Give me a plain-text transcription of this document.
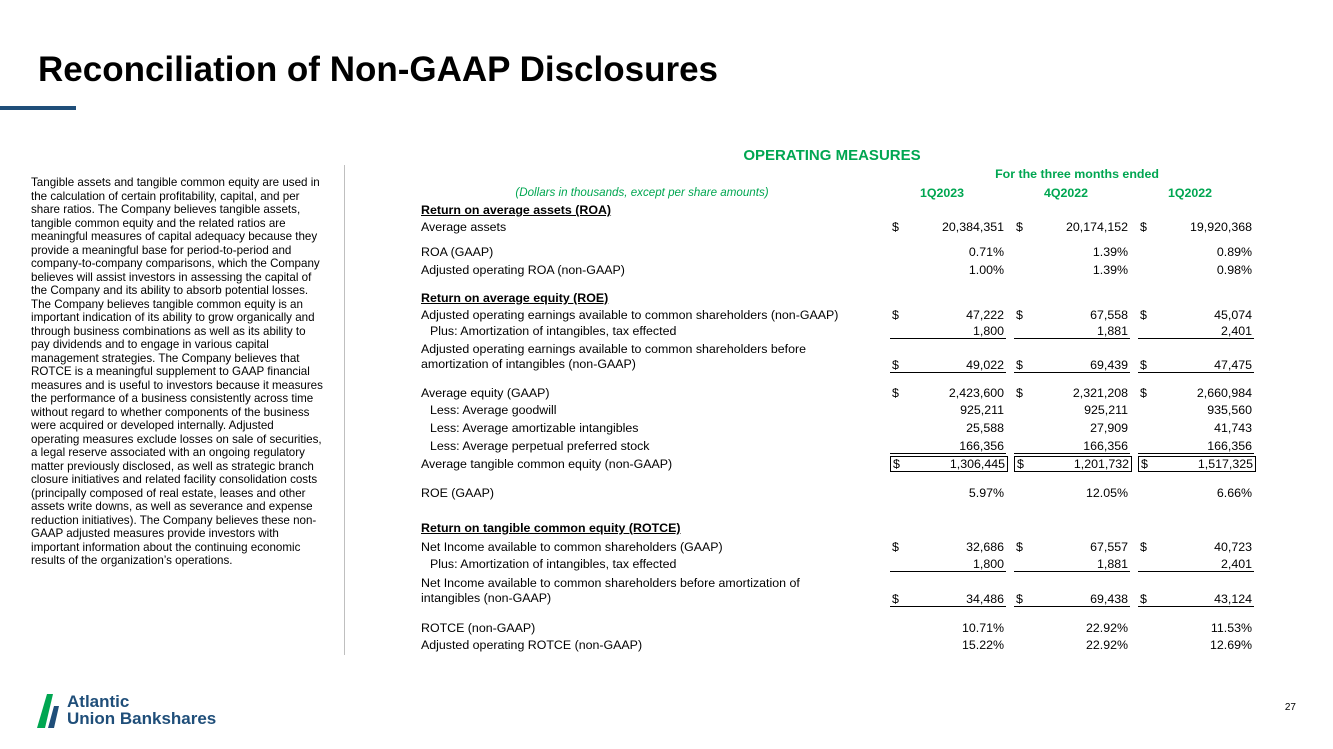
Reconciliation of Non-GAAP Disclosures
Tangible assets and tangible common equity are used in the calculation of certain profitability, capital, and per share ratios. The Company believes tangible assets, tangible common equity and the related ratios are meaningful measures of capital adequacy because they provide a meaningful base for period-to-period and company-to-company comparisons, which the Company believes will assist investors in assessing the capital of the Company and its ability to absorb potential losses. The Company believes tangible common equity is an important indication of its ability to grow organically and through business combinations as well as its ability to pay dividends and to engage in various capital management strategies. The Company believes that ROTCE is a meaningful supplement to GAAP financial measures and is useful to investors because it measures the performance of a business consistently across time without regard to whether components of the business were acquired or developed internally. Adjusted operating measures exclude losses on sale of securities, a legal reserve associated with an ongoing regulatory matter previously disclosed, as well as strategic branch closure initiatives and related facility consolidation costs (principally composed of real estate, leases and other assets write downs, as well as severance and expense reduction initiatives). The Company believes these non-GAAP adjusted measures provide investors with important information about the continuing economic results of the organization’s operations.
OPERATING MEASURES
For the three months ended
(Dollars in thousands, except per share amounts)	1Q2023	4Q2022	1Q2022
Return on average assets (ROA)
Average assets	$	20,384,351 $	20,174,152 $	19,920,368
ROA (GAAP)	0.71%	1.39%	0.89%
Adjusted operating ROA (non-GAAP)	1.00%	1.39%	0.98%
Return on average equity (ROE)
Adjusted operating earnings available to common shareholders (non-GAAP)	$	47,222 $	67,558 $	45,074
Plus: Amortization of intangibles, tax effected	1,800	1,881	2,401
Adjusted operating earnings available to common shareholders before
amortization of intangibles (non-GAAP)	$	49,022 $	69,439 $	47,475
Average equity (GAAP)	$	2,423,600 $	2,321,208 $	2,660,984
Less: Average goodwill	925,211	925,211	935,560
Less: Average amortizable intangibles	25,588	27,909	41,743
Less: Average perpetual preferred stock	166,356	166,356	166,356
Average tangible common equity (non-GAAP)	$	1,306,445 $	1,201,732 $	1,517,325
ROE (GAAP)	5.97%	12.05%	6.66%
Return on tangible common equity (ROTCE)
Net Income available to common shareholders (GAAP)	$	32,686 $	67,557 $	40,723
Plus: Amortization of intangibles, tax effected	1,800	1,881	2,401
Net Income available to common shareholders before amortization of
intangibles (non-GAAP)	$	34,486 $	69,438 $	43,124
ROTCE (non-GAAP)	10.71%	22.92%	11.53%
Adjusted operating ROTCE (non-GAAP)	15.22%	22.92%	12.69%
Atlantic
Union Bankshares
27
